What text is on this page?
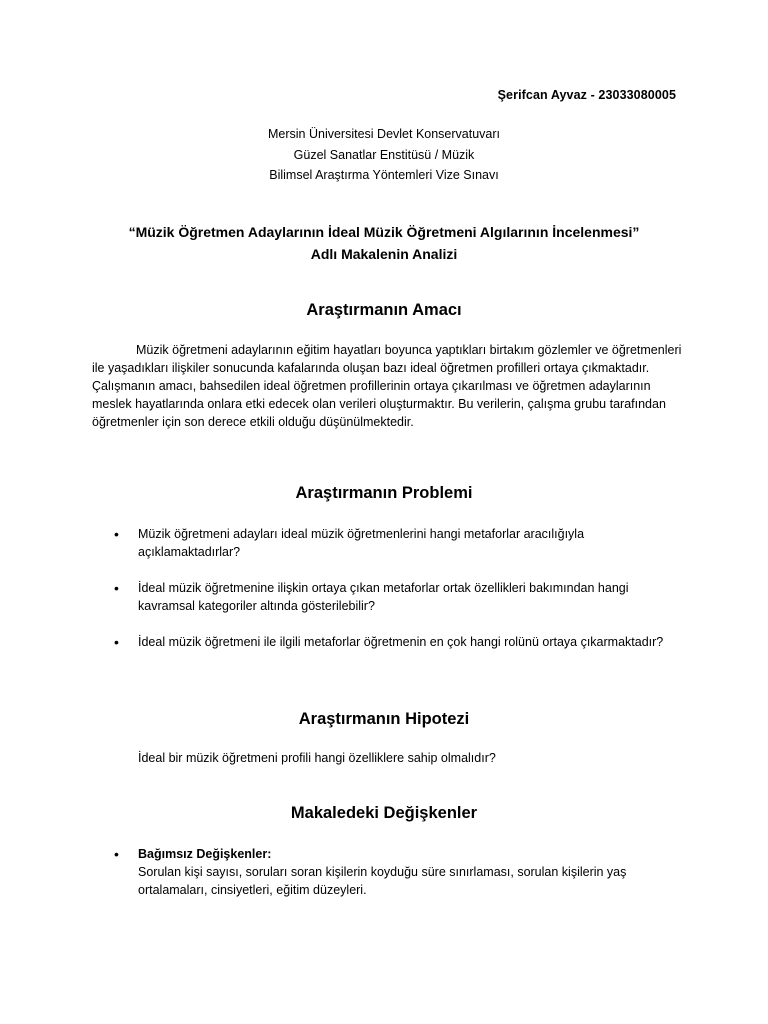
Şerifcan Ayvaz - 23033080005
Mersin Üniversitesi Devlet Konservatuvarı
Güzel Sanatlar Enstitüsü / Müzik
Bilimsel Araştırma Yöntemleri Vize Sınavı
“Müzik Öğretmen Adaylarının İdeal Müzik Öğretmeni Algılarının İncelenmesi”
Adlı Makalenin Analizi
Araştırmanın Amacı
Müzik öğretmeni adaylarının eğitim hayatları boyunca yaptıkları birtakım gözlemler ve öğretmenleri ile yaşadıkları ilişkiler sonucunda kafalarında oluşan bazı ideal öğretmen profilleri ortaya çıkmaktadır. Çalışmanın amacı, bahsedilen ideal öğretmen profillerinin ortaya çıkarılması ve öğretmen adaylarının meslek hayatlarında onlara etki edecek olan verileri oluşturmaktır. Bu verilerin, çalışma grubu tarafından öğretmenler için son derece etkili olduğu düşünülmektedir.
Araştırmanın Problemi
• Müzik öğretmeni adayları ideal müzik öğretmenlerini hangi metaforlar aracılığıyla açıklamaktadırlar?
• İdeal müzik öğretmenine ilişkin ortaya çıkan metaforlar ortak özellikleri bakımından hangi kavramsal kategoriler altında gösterilebilir?
• İdeal müzik öğretmeni ile ilgili metaforlar öğretmenin en çok hangi rolünü ortaya çıkarmaktadır?
Araştırmanın Hipotezi
İdeal bir müzik öğretmeni profili hangi özelliklere sahip olmalıdır?
Makaledeki Değişkenler
• Bağımsız Değişkenler:
Sorulan kişi sayısı, soruları soran kişilerin koyduğu süre sınırlaması, sorulan kişilerin yaş ortalamaları, cinsiyetleri, eğitim düzeyleri.
